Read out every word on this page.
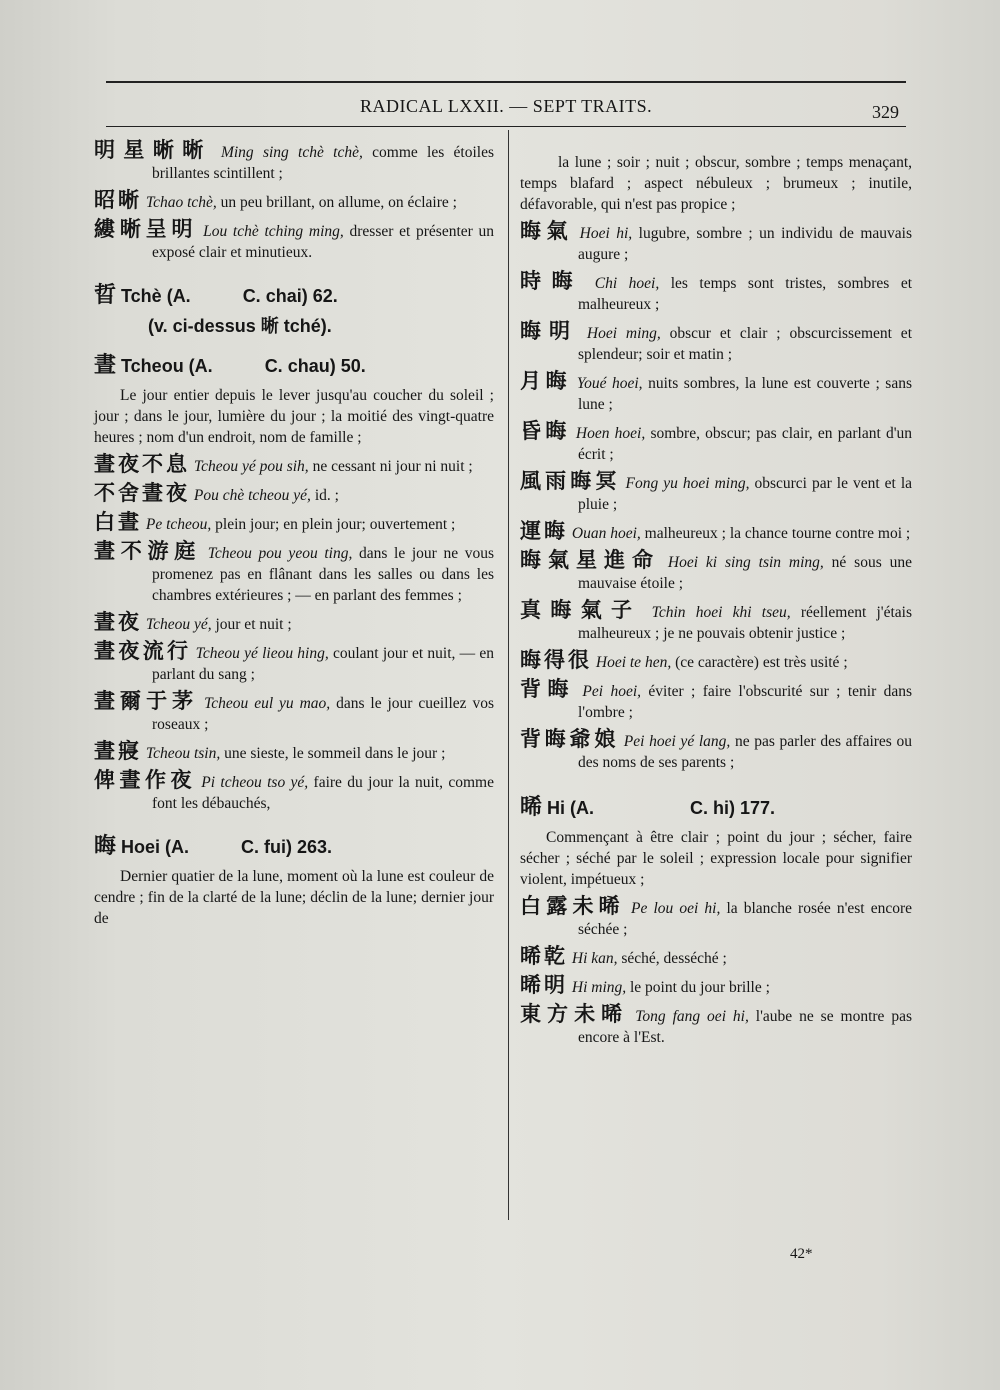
RADICAL LXXII. — SEPT TRAITS.	329
明星晰晰 Ming sing tchè tchè, comme les étoiles brillantes scintillent ;
昭晰 Tchao tchè, un peu brillant, on allume, on éclaire ;
縷晰呈明 Lou tchè tching ming, dresser et présenter un exposé clair et minutieux.
晢 Tchè (A.	C. chai) 62.
(v. ci-dessus 晰 tché).
晝 Tcheou (A.	C. chau) 50.
Le jour entier depuis le lever jusqu'au coucher du soleil ; jour ; dans le jour, lumière du jour ; la moitié des vingt-quatre heures ; nom d'un endroit, nom de famille ;
晝夜不息 Tcheou yé pou sih, ne cessant ni jour ni nuit ;
不舍晝夜 Pou chè tcheou yé, id. ;
白晝 Pe tcheou, plein jour; en plein jour; ouvertement ;
晝不游庭 Tcheou pou yeou ting, dans le jour ne vous promenez pas en flânant dans les salles ou dans les chambres extérieures ; — en parlant des femmes ;
晝夜 Tcheou yé, jour et nuit ;
晝夜流行 Tcheou yé lieou hing, coulant jour et nuit, — en parlant du sang ;
晝爾于茅 Tcheou eul yu mao, dans le jour cueillez vos roseaux ;
晝寢 Tcheou tsin, une sieste, le sommeil dans le jour ;
俾晝作夜 Pi tcheou tso yé, faire du jour la nuit, comme font les débauchés,
晦 Hoei (A.	C. fui) 263.
Dernier quatier de la lune, moment où la lune est couleur de cendre ; fin de la clarté de la lune; déclin de la lune; dernier jour de
la lune ; soir ; nuit ; obscur, sombre ; temps menaçant, temps blafard ; aspect nébuleux ; brumeux ; inutile, défavorable, qui n'est pas propice ;
晦氣 Hoei hi, lugubre, sombre ; un individu de mauvais augure ;
時晦 Chi hoei, les temps sont tristes, sombres et malheureux ;
晦明 Hoei ming, obscur et clair ; obscurcissement et splendeur; soir et matin ;
月晦 Youé hoei, nuits sombres, la lune est couverte ; sans lune ;
昏晦 Hoen hoei, sombre, obscur; pas clair, en parlant d'un écrit ;
風雨晦冥 Fong yu hoei ming, obscurci par le vent et la pluie ;
運晦 Ouan hoei, malheureux ; la chance tourne contre moi ;
晦氣星進命 Hoei ki sing tsin ming, né sous une mauvaise étoile ;
真晦氣子 Tchin hoei khi tseu, réellement j'étais malheureux ; je ne pouvais obtenir justice ;
晦得很 Hoei te hen, (ce caractère) est très usité ;
背晦 Pei hoei, éviter ; faire l'obscurité sur ; tenir dans l'ombre ;
背晦爺娘 Pei hoei yé lang, ne pas parler des affaires ou des noms de ses parents ;
晞 Hi (A.	C. hi) 177.
Commençant à être clair ; point du jour ; sécher, faire sécher ; séché par le soleil ; expression locale pour signifier violent, impétueux ;
白露未晞 Pe lou oei hi, la blanche rosée n'est encore séchée ;
晞乾 Hi kan, séché, desséché ;
晞明 Hi ming, le point du jour brille ;
東方未晞 Tong fang oei hi, l'aube ne se montre pas encore à l'Est.
42*
